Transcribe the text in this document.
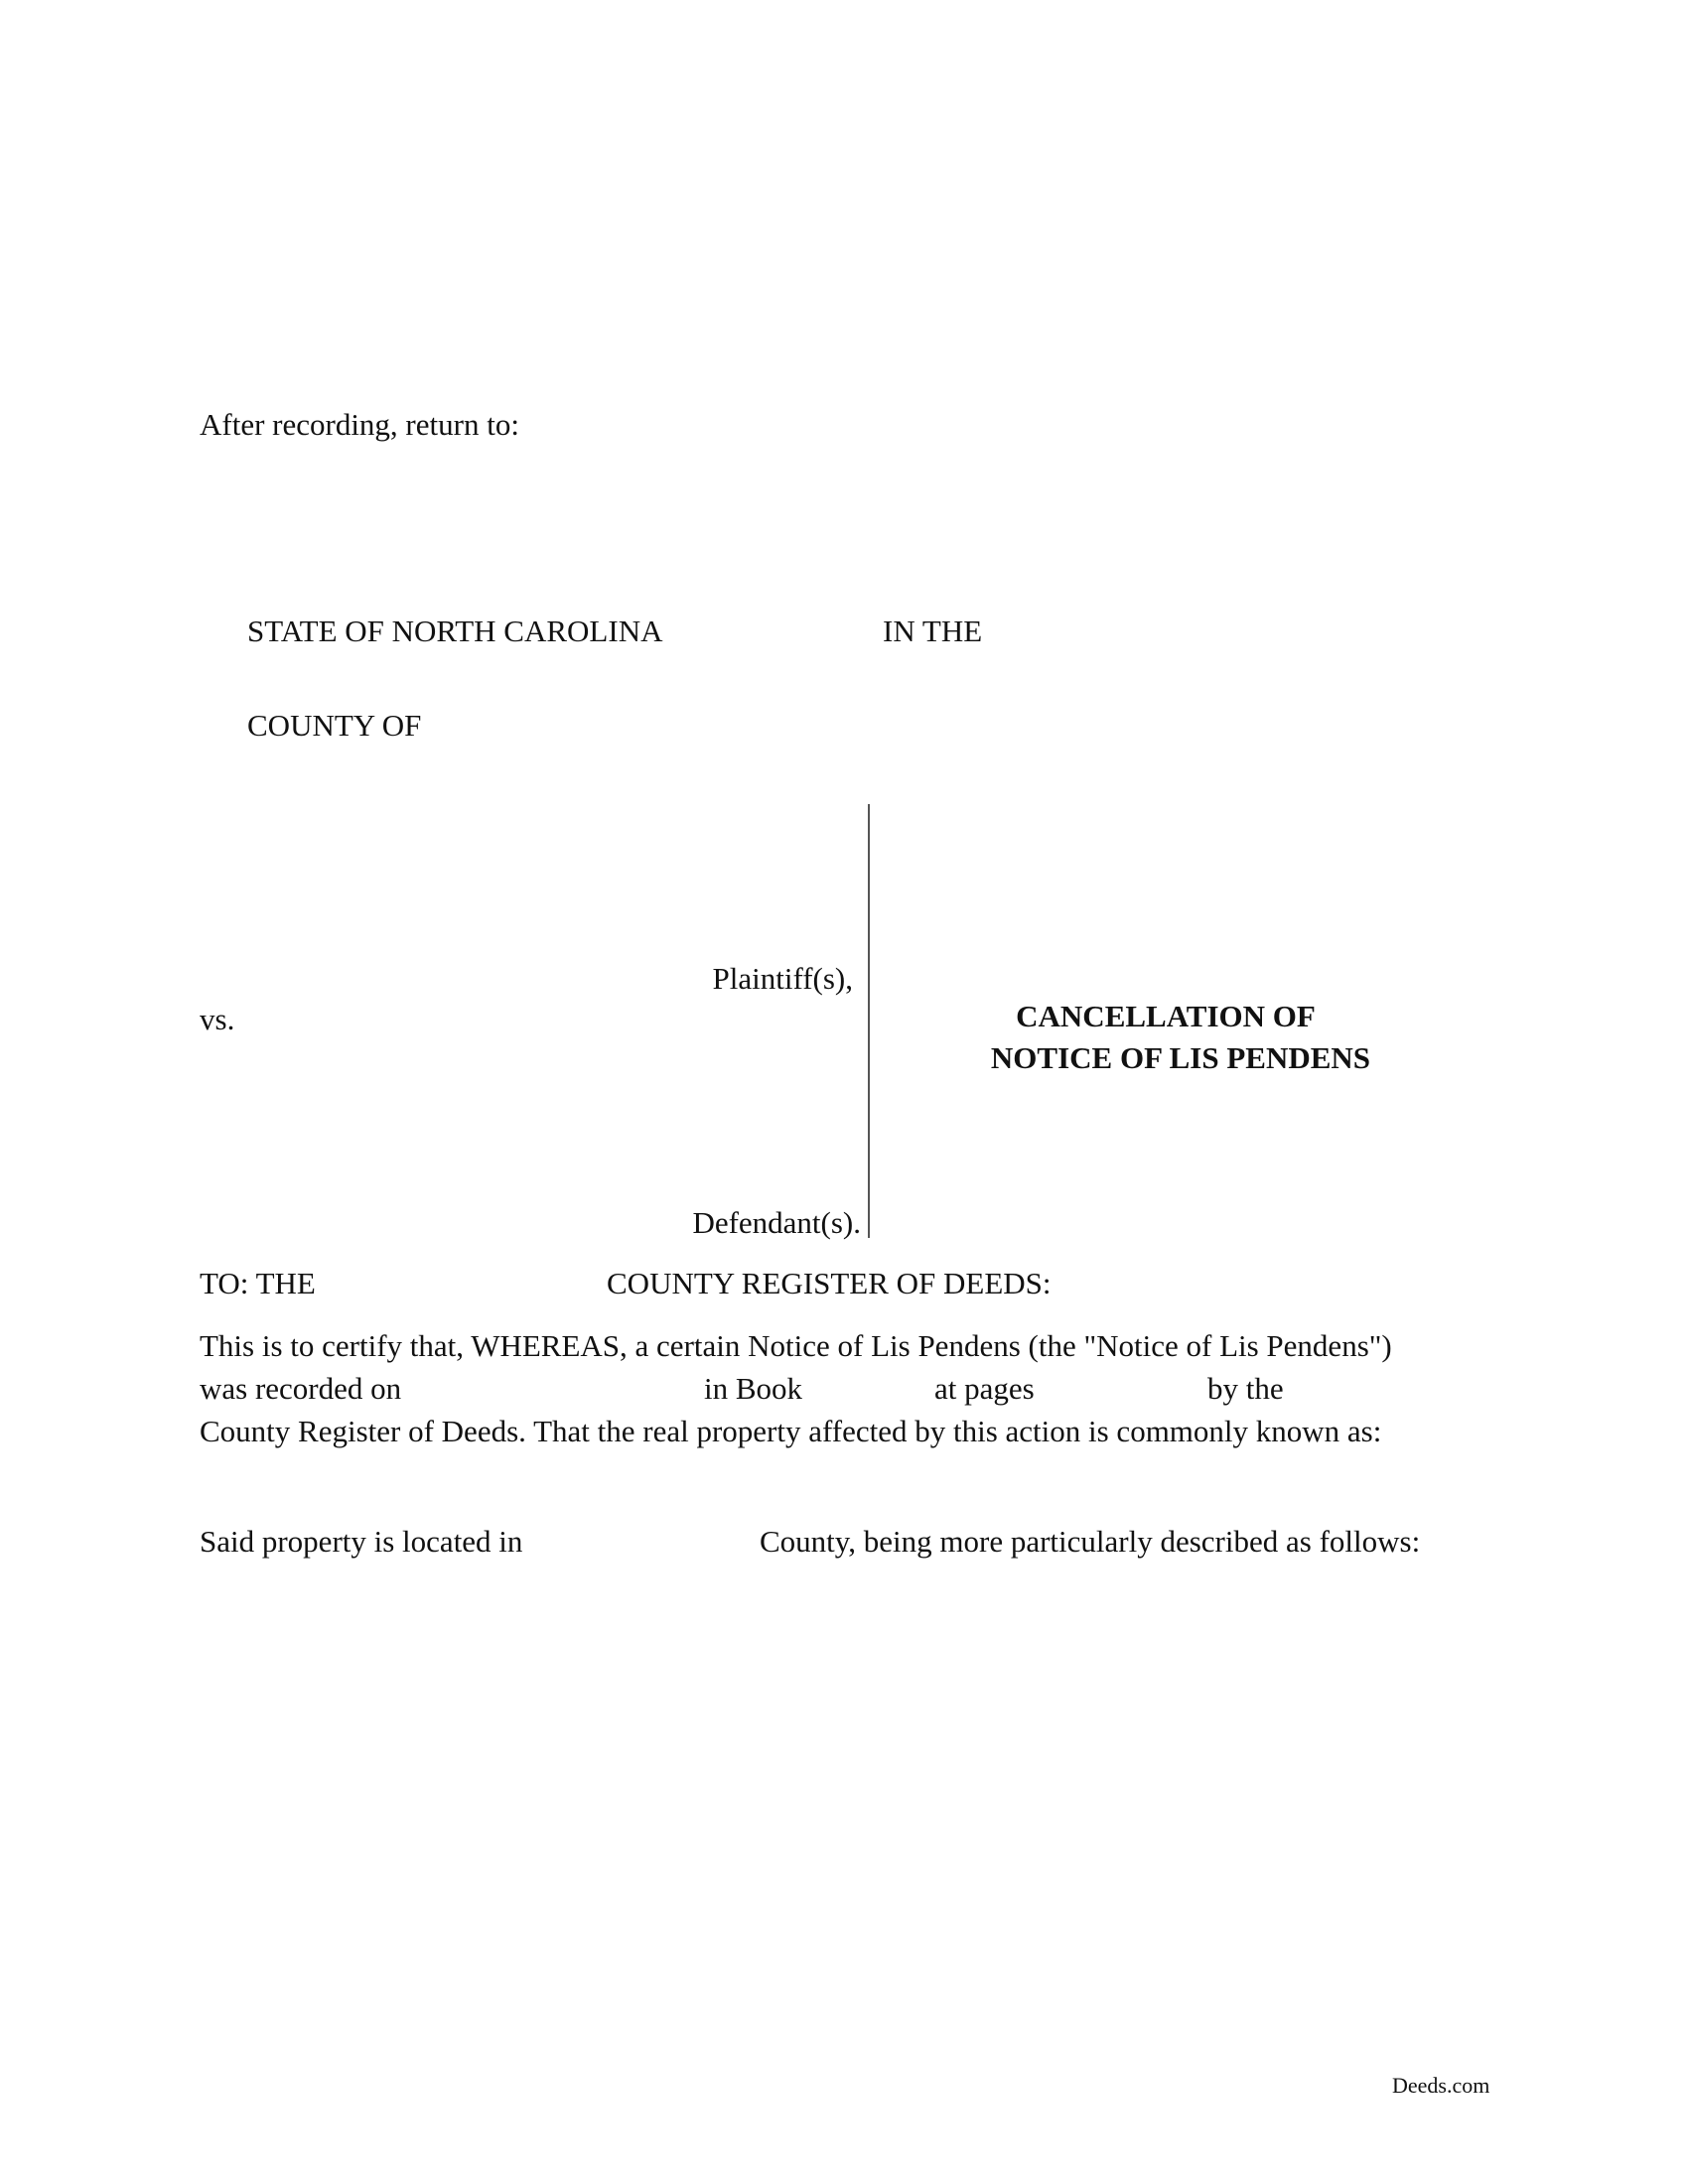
After recording, return to:
STATE OF NORTH CAROLINA	IN THE
COUNTY OF
Plaintiff(s),
vs.
Defendant(s).
CANCELLATION OF
NOTICE OF LIS PENDENS
TO: THE	COUNTY REGISTER OF DEEDS:
This is to certify that, WHEREAS, a certain Notice of Lis Pendens (the "Notice of Lis Pendens")
was recorded on	in Book	at pages	by the
County Register of Deeds. That the real property affected by this action is commonly known as:
Said property is located in	County, being more particularly described as follows:
Deeds.com
